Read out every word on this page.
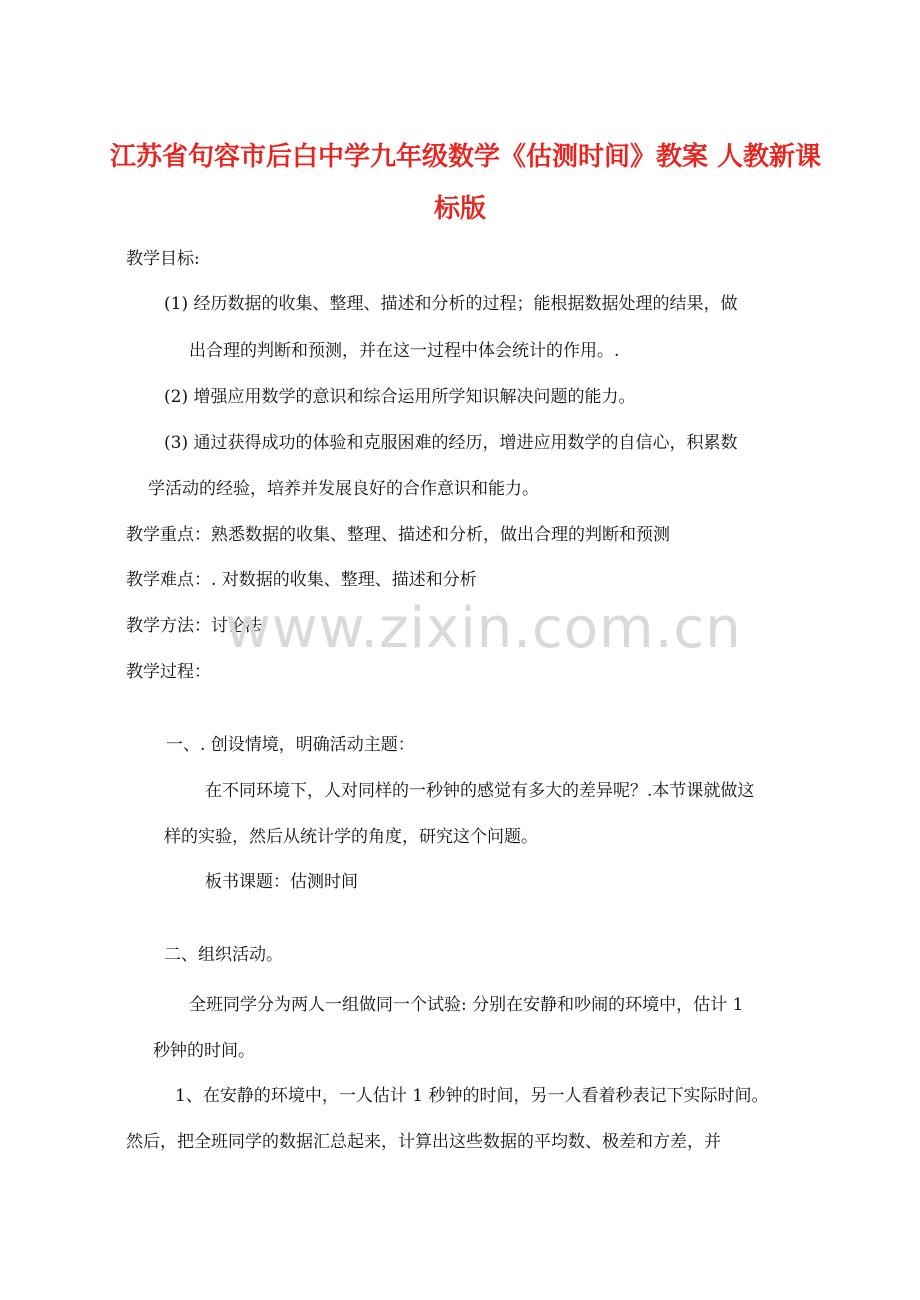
江苏省句容市后白中学九年级数学《估测时间》教案 人教新课
标版
教学目标:
(1) 经历数据的收集、整理、描述和分析的过程；能根据数据处理的结果，做
出合理的判断和预测，并在这一过程中体会统计的作用。.
(2) 增强应用数学的意识和综合运用所学知识解决问题的能力。
(3) 通过获得成功的体验和克服困难的经历，增进应用数学的自信心，积累数
学活动的经验，培养并发展良好的合作意识和能力。
教学重点：熟悉数据的收集、整理、描述和分析，做出合理的判断和预测
教学难点：. 对数据的收集、整理、描述和分析
教学方法：讨论法
教学过程：
一、. 创设情境，明确活动主题：
在不同环境下，人对同样的一秒钟的感觉有多大的差异呢？.本节课就做这
样的实验，然后从统计学的角度，研究这个问题。
板书课题：估测时间
二、组织活动。
全班同学分为两人一组做同一个试验: 分别在安静和吵闹的环境中，估计 1
秒钟的时间。
1、在安静的环境中，一人估计 1 秒钟的时间，另一人看着秒表记下实际时间。
然后，把全班同学的数据汇总起来，计算出这些数据的平均数、极差和方差，并
www.zixin.com.cn
